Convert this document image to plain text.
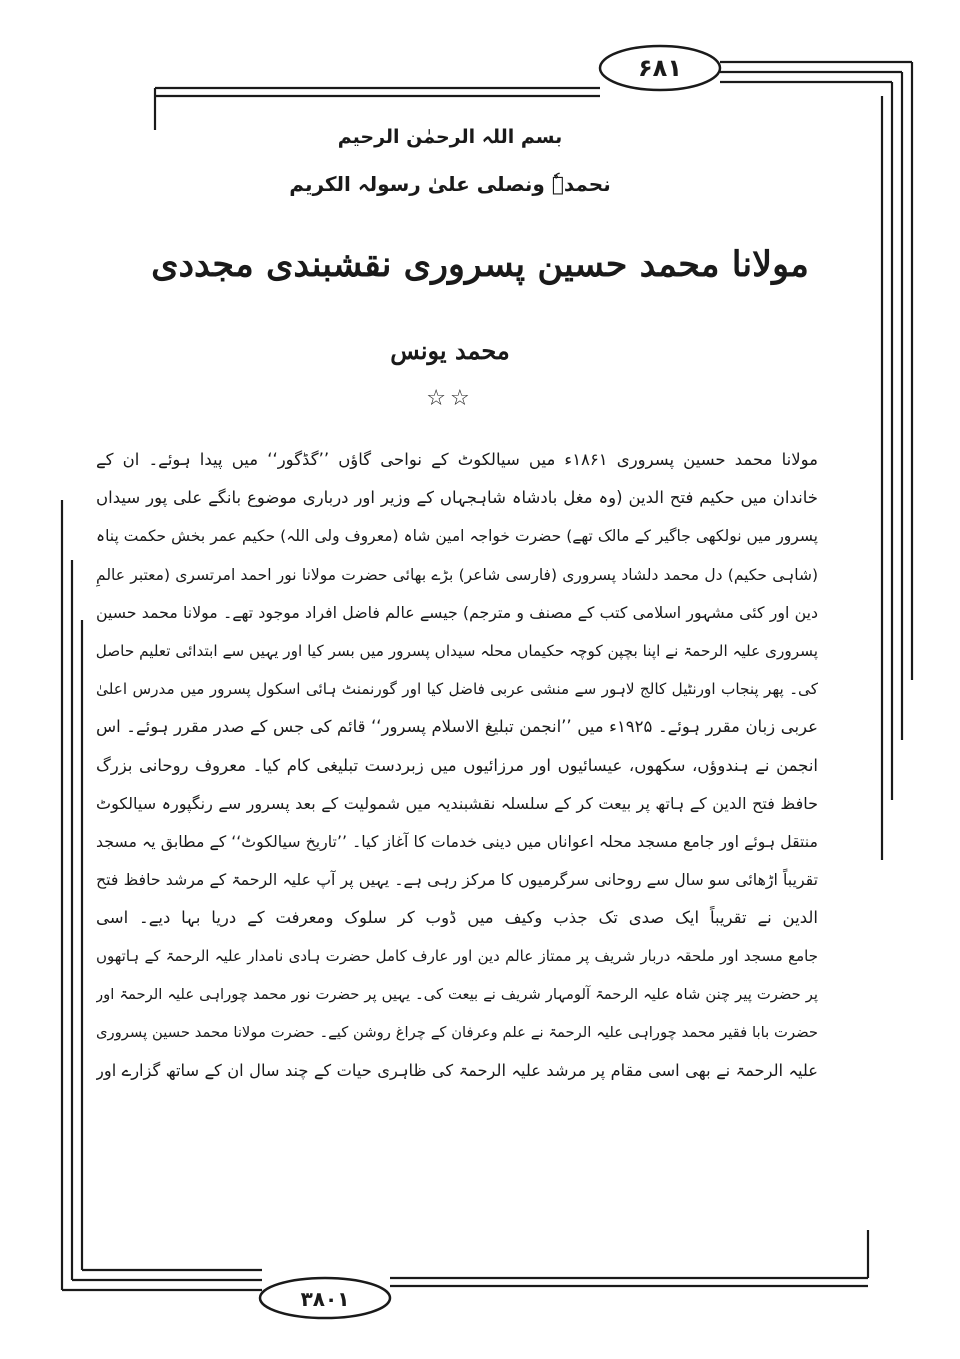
۶۸۱
۳۸۰۱
بسم اللہ الرحمٰن الرحیم
نحمدہٗ ونصلی علیٰ رسولہ الکریم
مولانا محمد حسین پسروری نقشبندی مجددی
محمد یونس
☆☆
مولانا محمد حسین پسروری ۱۸۶۱ء میں سیالکوٹ کے نواحی گاؤں ’’گڈگور‘‘ میں پیدا ہوئے۔ ان کے
خاندان میں حکیم فتح الدین (وہ مغل بادشاہ شاہجہاں کے وزیر اور درباری موضوع بانگے علی پور سیداں
پسرور میں نولکھی جاگیر کے مالک تھے) حضرت خواجہ امین شاہ (معروف ولی اللہ) حکیم عمر بخش حکمت پناہ
(شاہی حکیم) دل محمد دلشاد پسروری (فارسی شاعر) بڑے بھائی حضرت مولانا نور احمد امرتسری (معتبر عالمِ
دین اور کئی مشہور اسلامی کتب کے مصنف و مترجم) جیسے عالم فاضل افراد موجود تھے۔ مولانا محمد حسین
پسروری علیہ الرحمۃ نے اپنا بچپن کوچہ حکیماں محلہ سیداں پسرور میں بسر کیا اور یہیں سے ابتدائی تعلیم حاصل
کی۔ پھر پنجاب اورنٹیل کالج لاہور سے منشی عربی فاضل کیا اور گورنمنٹ ہائی اسکول پسرور میں مدرس اعلیٰ
عربی زبان مقرر ہوئے۔ ۱۹۲۵ء میں ’’انجمن تبلیغ الاسلام پسرور‘‘ قائم کی جس کے صدر مقرر ہوئے۔ اس
انجمن نے ہندوؤں، سکھوں، عیسائیوں اور مرزائیوں میں زبردست تبلیغی کام کیا۔ معروف روحانی بزرگ
حافظ فتح الدین کے ہاتھ پر بیعت کر کے سلسلہ نقشبندیہ میں شمولیت کے بعد پسرور سے رنگپورہ سیالکوٹ
منتقل ہوئے اور جامع مسجد محلہ اعواناں میں دینی خدمات کا آغاز کیا۔ ’’تاریخ سیالکوٹ‘‘ کے مطابق یہ مسجد
تقریباً اڑھائی سو سال سے روحانی سرگرمیوں کا مرکز رہی ہے۔ یہیں پر آپ علیہ الرحمۃ کے مرشد حافظ فتح
الدین نے تقریباً ایک صدی تک جذب وکیف میں ڈوب کر سلوک ومعرفت کے دریا بہا دیے۔ اسی
جامع مسجد اور ملحقہ دربار شریف پر ممتاز عالم دین اور عارف کامل حضرت ہادی نامدار علیہ الرحمۃ کے ہاتھوں
پر حضرت پیر چنن شاہ علیہ الرحمۃ آلومہار شریف نے بیعت کی۔ یہیں پر حضرت نور محمد چوراہی علیہ الرحمۃ اور
حضرت بابا فقیر محمد چوراہی علیہ الرحمۃ نے علم وعرفان کے چراغ روشن کیے۔ حضرت مولانا محمد حسین پسروری
علیہ الرحمۃ نے بھی اسی مقام پر مرشد علیہ الرحمۃ کی ظاہری حیات کے چند سال ان کے ساتھ گزارے اور
